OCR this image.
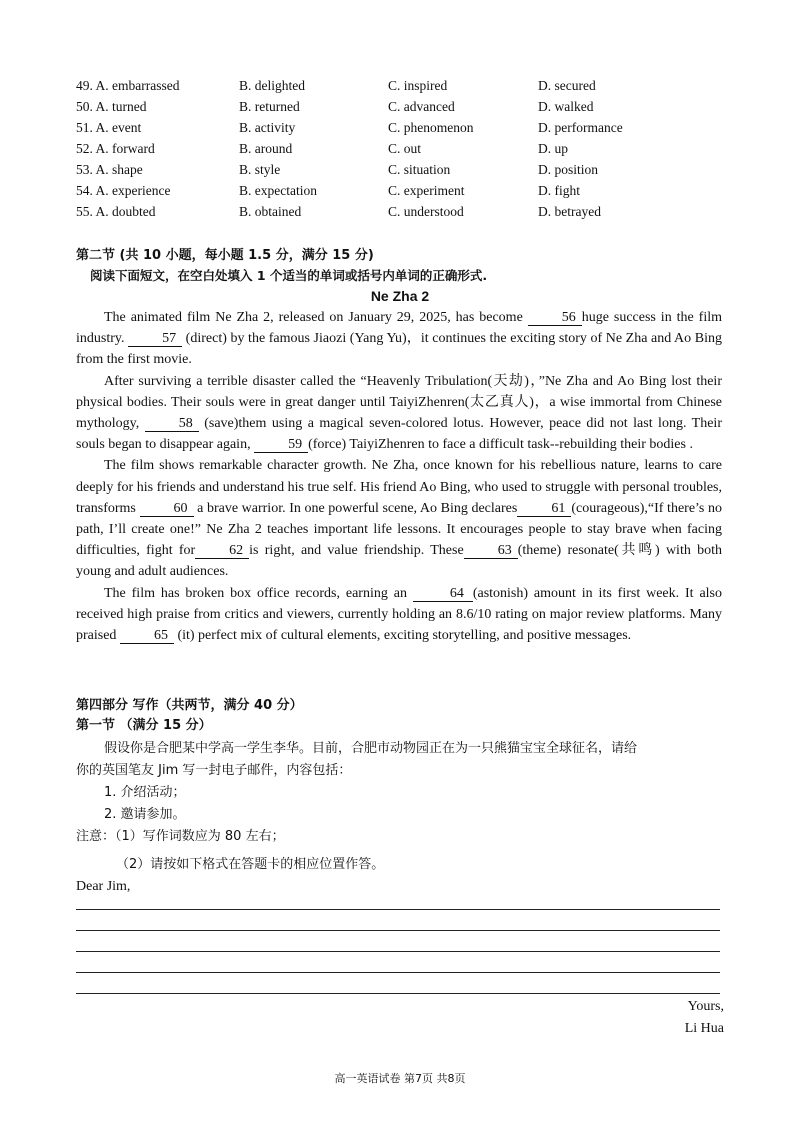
49. A. embarrassed	B. delighted	C. inspired	D. secured
50. A. turned	B. returned	C. advanced	D. walked
51. A. event	B. activity	C. phenomenon	D. performance
52. A. forward	B. around	C. out	D. up
53. A. shape	B. style	C. situation	D. position
54. A. experience	B. expectation	C. experiment	D. fight
55. A. doubted	B. obtained	C. understood	D. betrayed
第二节 (共 10 小题，每小题 1.5 分，满分 15 分)
阅读下面短文，在空白处填入 1 个适当的单词或括号内单词的正确形式.
Ne Zha 2

The animated film Ne Zha 2, released on January 29, 2025, has become 56 huge success in the film industry. 57 (direct) by the famous Jiaozi (Yang Yu)，it continues the exciting story of Ne Zha and Ao Bing from the first movie.

After surviving a terrible disaster called the “Heavenly Tribulation(天劫)，”Ne Zha and Ao Bing lost their physical bodies. Their souls were in great danger until TaiyiZhenren(太乙真人)，a wise immortal from Chinese mythology, 58 (save)them using a magical seven-colored lotus. However, peace did not last long. Their souls began to disappear again, 59 (force) TaiyiZhenren to face a difficult task--rebuilding their bodies .

The film shows remarkable character growth. Ne Zha, once known for his rebellious nature, learns to care deeply for his friends and understand his true self. His friend Ao Bing, who used to struggle with personal troubles, transforms 60 a brave warrior. In one powerful scene, Ao Bing declares 61 (courageous),“If there’s no path, I’ll create one!” Ne Zha 2 teaches important life lessons. It encourages people to stay brave when facing difficulties, fight for 62 is right, and value friendship. These 63 (theme) resonate(共鸣) with both young and adult audiences.

The film has broken box office records, earning an	64 (astonish) amount in its first week. It also received high praise from critics and viewers, currently holding an 8.6/10 rating on major review platforms. Many praised 65 (it) perfect mix of cultural elements, exciting storytelling, and positive messages.

第四部分 写作（共两节，满分 40 分）
第一节 （满分 15 分）
假设你是合肥某中学高一学生李华。目前，合肥市动物园正在为一只熊猫宝宝全球征名，请给
你的英国笔友 Jim 写一封电子邮件，内容包括：
1. 介绍活动；
2. 邀请参加。
注意：（1）写作词数应为 80 左右；
（2）请按如下格式在答题卡的相应位置作答。
Dear Jim,
Yours,
Li Hua
高一英语试卷 第7页 共8页
